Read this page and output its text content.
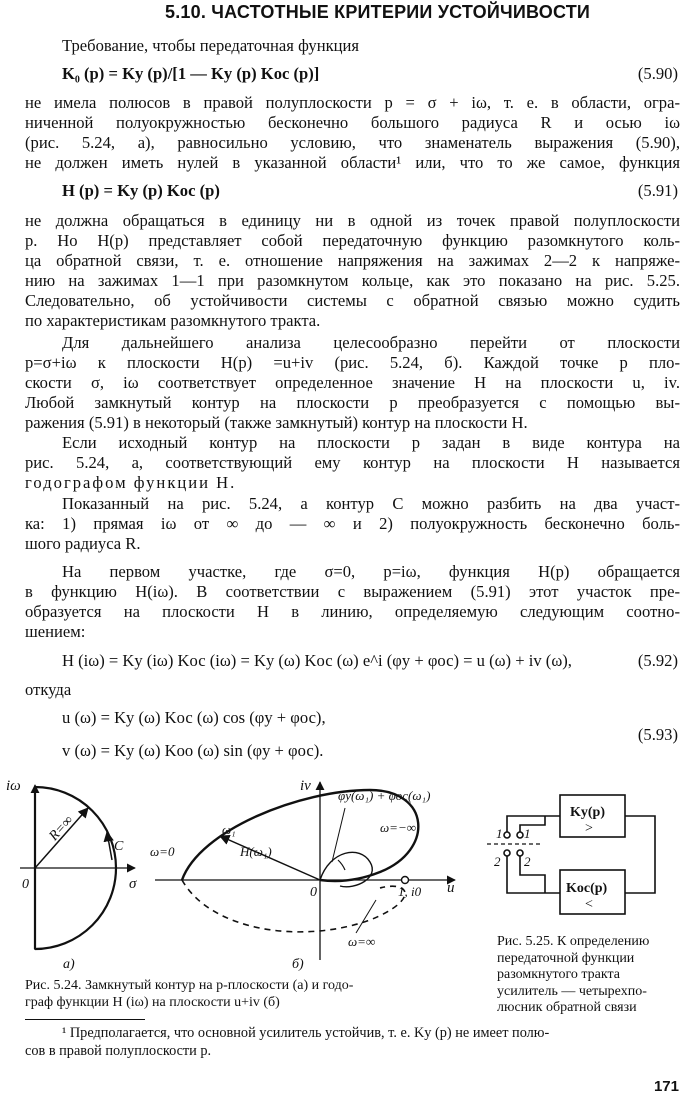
5.10. ЧАСТОТНЫЕ КРИТЕРИИ УСТОЙЧИВОСТИ
Требование, чтобы передаточная функция
K₀ (p) = Kу (p)/[1 — Kу (p) Kос (p)]	(5.90)
не имела полюсов в правой полуплоскости p = σ + iω, т. е. в области, огра-
ниченной полуокружностью бесконечно большого радиуса R и осью iω
(рис. 5.24, а), равносильно условию, что знаменатель выражения (5.90),
не должен иметь нулей в указанной области¹ или, что то же самое, функция
H (p) = Kу (p) Kос (p)	(5.91)
не должна обращаться в единицу ни в одной из точек правой полуплоскости
p. Но H(p) представляет собой передаточную функцию разомкнутого коль-
ца обратной связи, т. е. отношение напряжения на зажимах 2—2 к напряже-
нию на зажимах 1—1 при разомкнутом кольце, как это показано на рис. 5.25.
Следовательно, об устойчивости системы с обратной связью можно судить
по характеристикам разомкнутого тракта.
Для дальнейшего анализа целесообразно перейти от плоскости
p=σ+iω к плоскости H(p) =u+iv (рис. 5.24, б). Каждой точке p пло-
скости σ, iω соответствует определенное значение H на плоскости u, iv.
Любой замкнутый контур на плоскости p преобразуется с помощью вы-
ражения (5.91) в некоторый (также замкнутый) контур на плоскости H.
Если исходный контур на плоскости p задан в виде контура на
рис. 5.24, а, соответствующий ему контур на плоскости H называется
годографом функции H.
Показанный на рис. 5.24, а контур C можно разбить на два участ-
ка: 1) прямая iω от ∞ до — ∞ и 2) полуокружность бесконечно боль-
шого радиуса R.
На первом участке, где σ=0, p=iω, функция H(p) обращается
в функцию H(iω). В соответствии с выражением (5.91) этот участок пре-
образуется на плоскости H в линию, определяемую следующим соотно-
шением:
H (iω) = Kу (iω) Kос (iω) = Kу (ω) Kос (ω) e^i (φу + φос) = u (ω) + iv (ω),	(5.92)
откуда
u (ω) = Kу (ω) Kос (ω) cos (φу + φос),
v (ω) = Kу (ω) Kоо (ω) sin (φу + φос).
(5.93)
iω
σ
0
R=∞
C
а)
iv
u
0	1, i0
ω=0
ω₁
H(ω₁)
φу(ω₁) + φос(ω₁)
ω=−∞
ω=∞
б)
Kу(p)
>
Kос(p)
<
1 1
2 2
Рис. 5.24. Замкнутый контур на p-плоскости (а) и годо-
граф функции H (iω) на плоскости u+iv (б)
Рис. 5.25. К определению
передаточной функции
разомкнутого тракта
усилитель — четырехпо-
люсник обратной связи
¹ Предполагается, что основной усилитель устойчив, т. е. Kу (p) не имеет полю-
сов в правой полуплоскости p.
171
